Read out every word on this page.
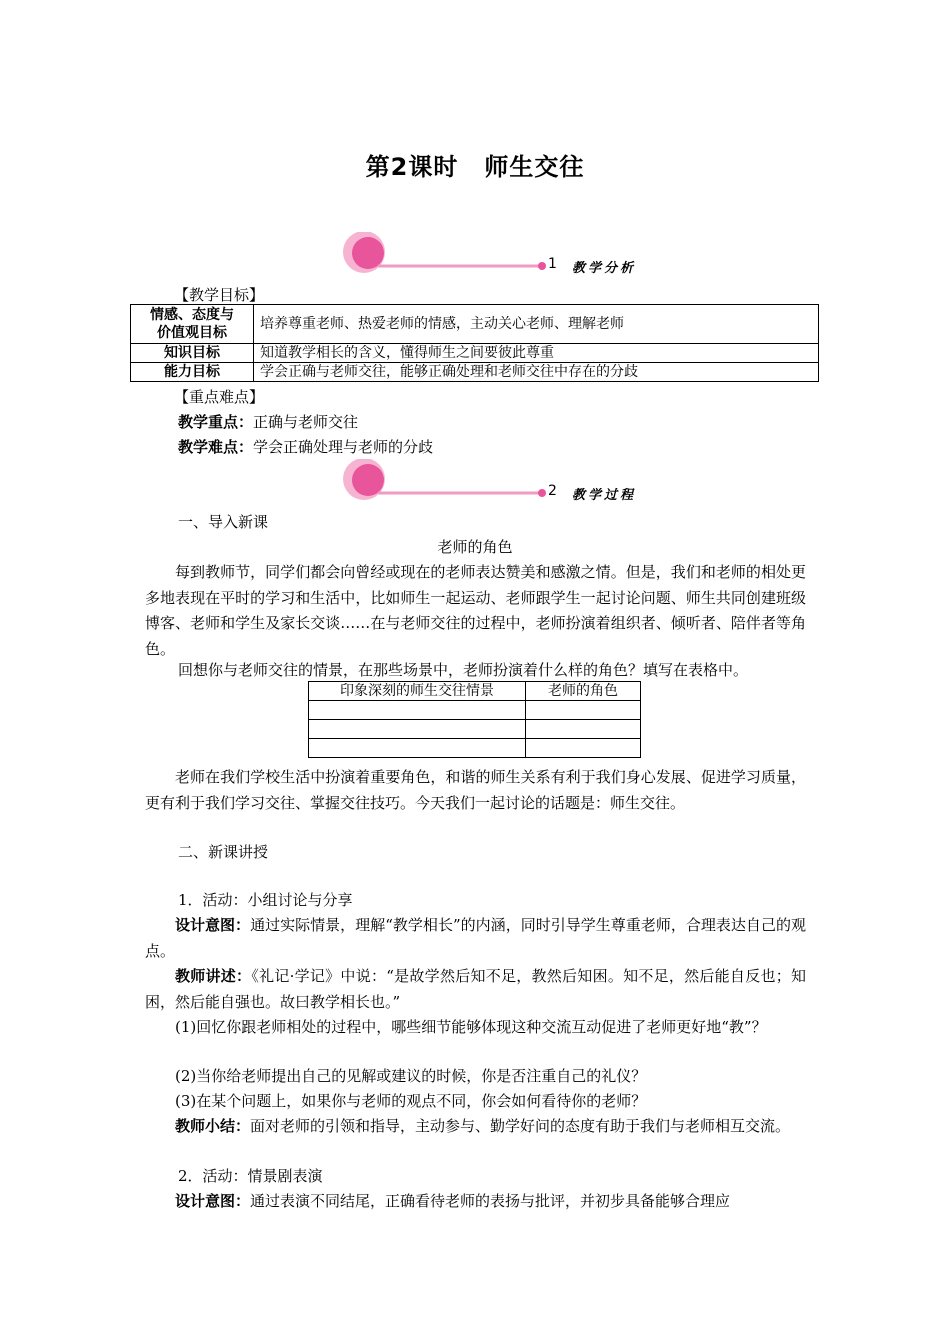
第2课时 师生交往
1 教学分析
【教学目标】
情感、态度与
价值观目标	培养尊重老师、热爱老师的情感，主动关心老师、理解老师
知识目标	知道教学相长的含义，懂得师生之间要彼此尊重
能力目标	学会正确与老师交往，能够正确处理和老师交往中存在的分歧
【重点难点】
教学重点：正确与老师交往
教学难点：学会正确处理与老师的分歧
2 教学过程
一、导入新课
老师的角色
每到教师节，同学们都会向曾经或现在的老师表达赞美和感激之情。但是，我们和老师的相处更多地表现在平时的学习和生活中，比如师生一起运动、老师跟学生一起讨论问题、师生共同创建班级博客、老师和学生及家长交谈……在与老师交往的过程中，老师扮演着组织者、倾听者、陪伴者等角色。
回想你与老师交往的情景，在那些场景中，老师扮演着什么样的角色？填写在表格中。
印象深刻的师生交往情景	老师的角色

老师在我们学校生活中扮演着重要角色，和谐的师生关系有利于我们身心发展、促进学习质量，更有利于我们学习交往、掌握交往技巧。今天我们一起讨论的话题是：师生交往。
二、新课讲授
1．活动：小组讨论与分享
设计意图：通过实际情景，理解“教学相长”的内涵，同时引导学生尊重老师，合理表达自己的观点。
教师讲述：《礼记·学记》中说：“是故学然后知不足，教然后知困。知不足，然后能自反也；知困，然后能自强也。故曰教学相长也。”
(1)回忆你跟老师相处的过程中，哪些细节能够体现这种交流互动促进了老师更好地“教”？
(2)当你给老师提出自己的见解或建议的时候，你是否注重自己的礼仪？
(3)在某个问题上，如果你与老师的观点不同，你会如何看待你的老师？
教师小结：面对老师的引领和指导，主动参与、勤学好问的态度有助于我们与老师相互交流。
2．活动：情景剧表演
设计意图：通过表演不同结尾，正确看待老师的表扬与批评，并初步具备能够合理应
